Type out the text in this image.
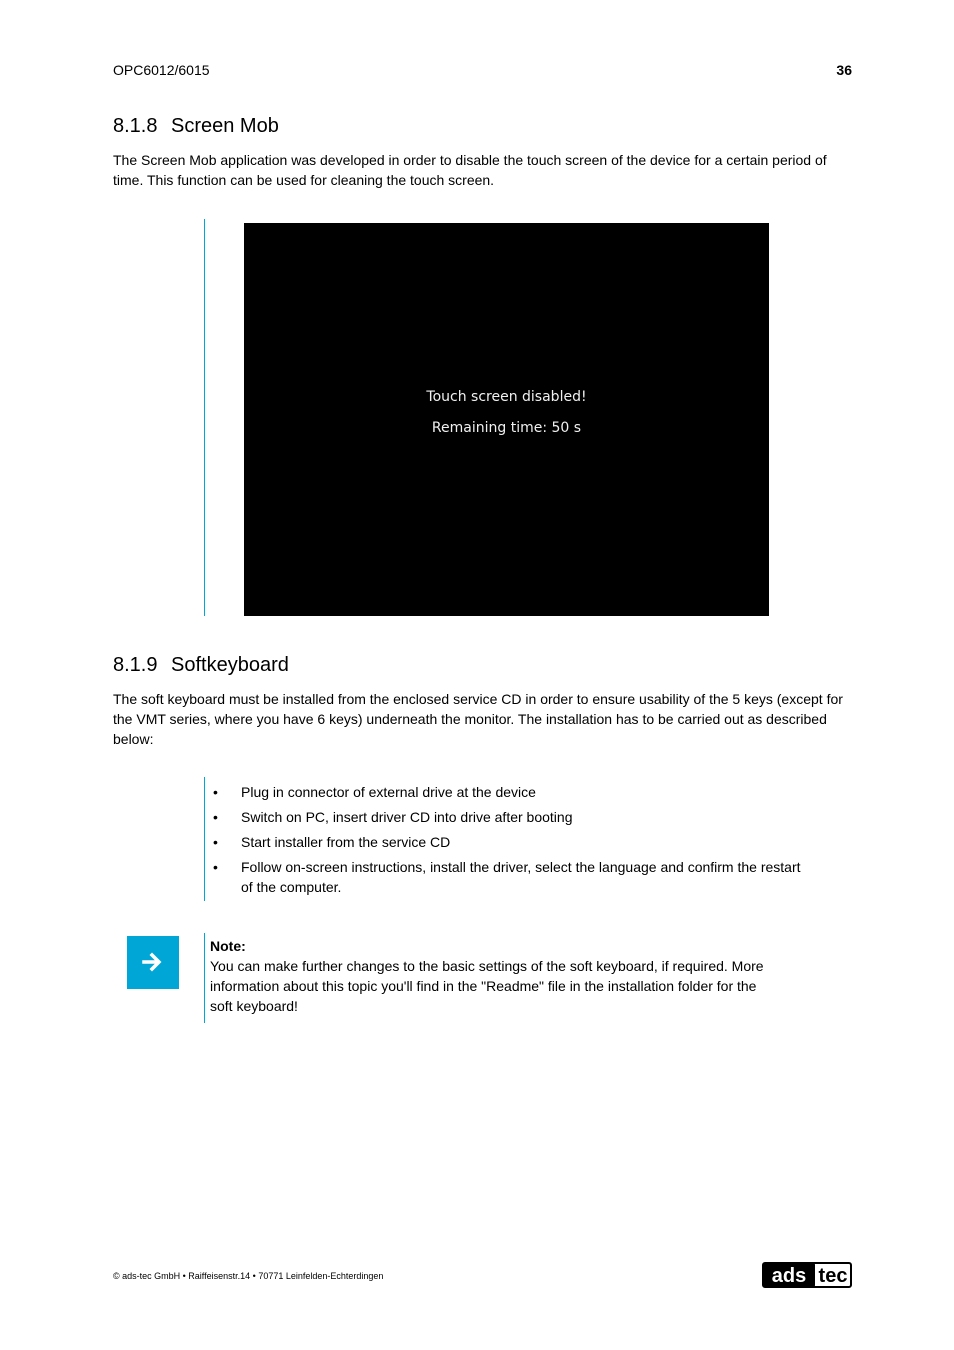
OPC6012/6015	36
8.1.8 Screen Mob
The Screen Mob application was developed in order to disable the touch screen of the device for a certain period of time. This function can be used for cleaning the touch screen.
Touch screen disabled!
Remaining time: 50 s
8.1.9 Softkeyboard
The soft keyboard must be installed from the enclosed service CD in order to ensure usability of the 5 keys (except for the VMT series, where you have 6 keys) underneath the monitor. The installation has to be carried out as described below:
• Plug in connector of external drive at the device
• Switch on PC, insert driver CD into drive after booting
• Start installer from the service CD
• Follow on-screen instructions, install the driver, select the language and confirm the restart of the computer.
Note:
You can make further changes to the basic settings of the soft keyboard, if required. More information about this topic you'll find in the "Readme" file in the installation folder for the soft keyboard!
© ads-tec GmbH • Raiffeisenstr.14 • 70771 Leinfelden-Echterdingen	ads tec
